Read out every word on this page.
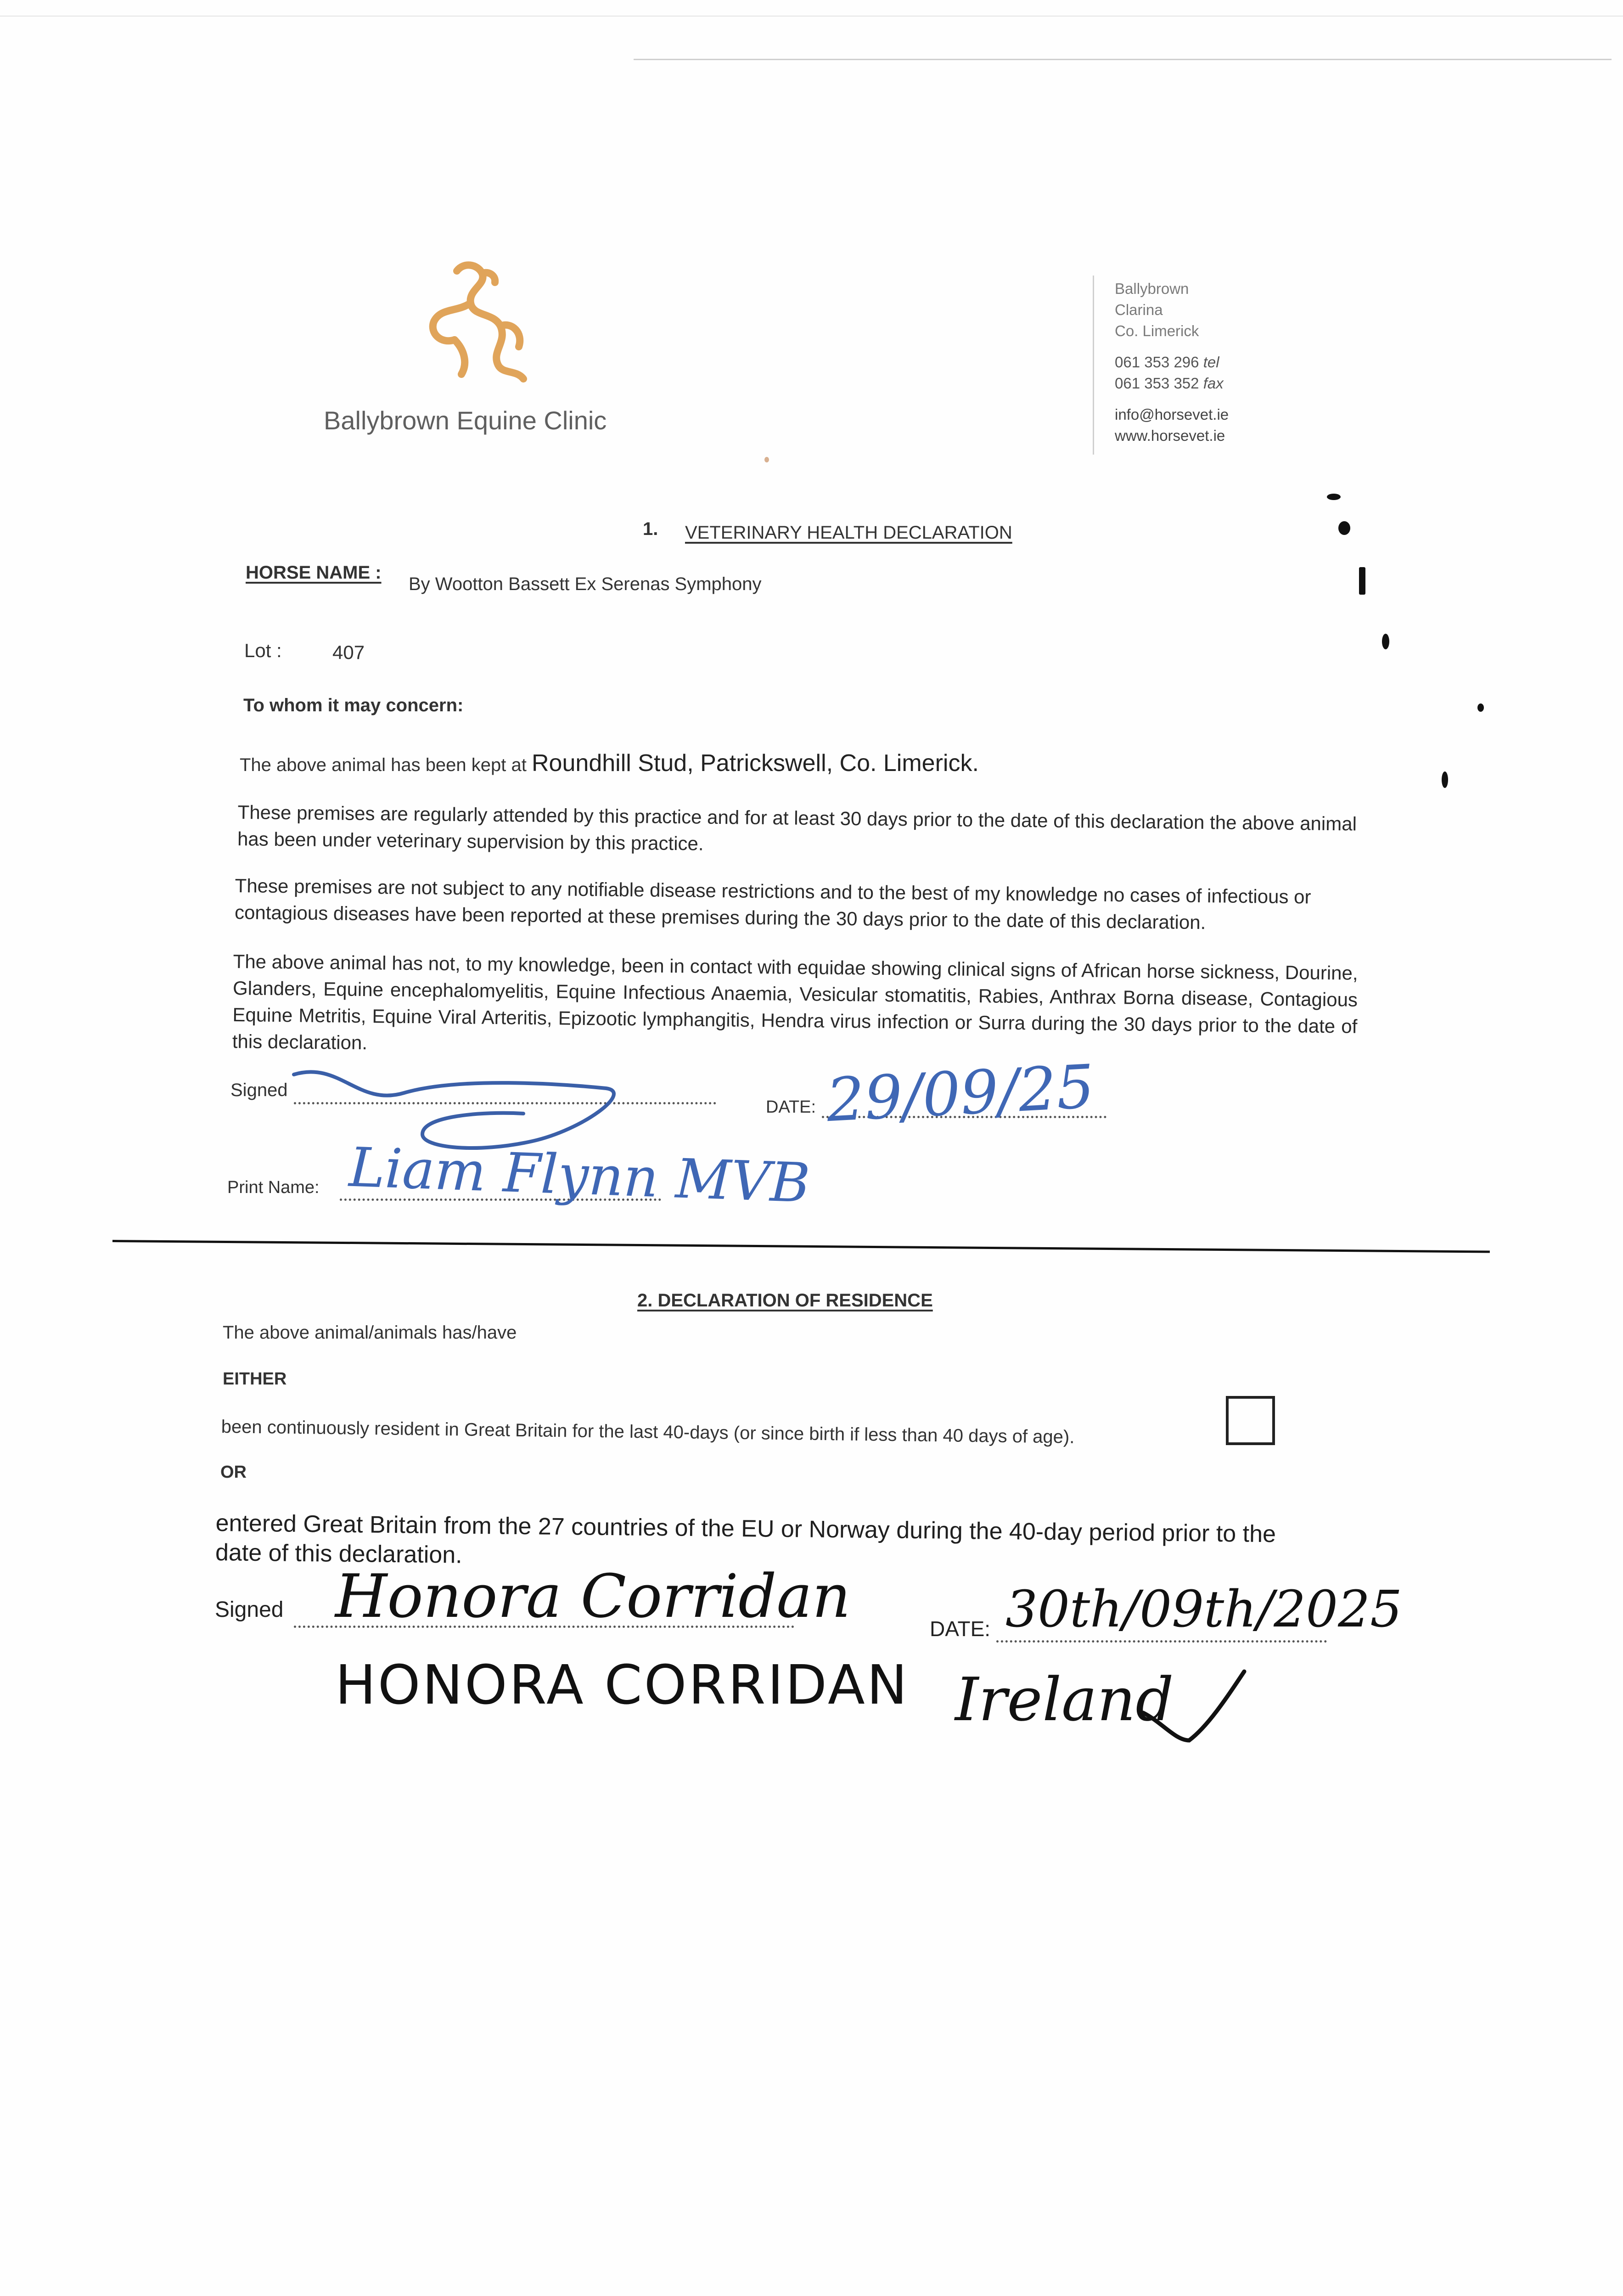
Ballybrown Equine Clinic
Ballybrown
Clarina
Co. Limerick
061 353 296 tel
061 353 352 fax
info@horsevet.ie
www.horsevet.ie
1. VETERINARY HEALTH DECLARATION
HORSE NAME :
By Wootton Bassett Ex Serenas Symphony
Lot :	407
To whom it may concern:
The above animal has been kept at Roundhill Stud, Patrickswell, Co. Limerick.
These premises are regularly attended by this practice and for at least 30 days prior to the date of this declaration the above animal has been under veterinary supervision by this practice.
These premises are not subject to any notifiable disease restrictions and to the best of my knowledge no cases of infectious or contagious diseases have been reported at these premises during the 30 days prior to the date of this declaration.
The above animal has not, to my knowledge, been in contact with equidae showing clinical signs of African horse sickness, Dourine, Glanders, Equine encephalomyelitis, Equine Infectious Anaemia, Vesicular stomatitis, Rabies, Anthrax Borna disease, Contagious Equine Metritis, Equine Viral Arteritis, Epizootic lymphangitis, Hendra virus infection or Surra during the 30 days prior to the date of this declaration.
Signed
DATE: 29/09/25
Print Name: Liam Flynn MVB
2. DECLARATION OF RESIDENCE
The above animal/animals has/have
EITHER
been continuously resident in Great Britain for the last 40-days (or since birth if less than 40 days of age).
OR
entered Great Britain from the 27 countries of the EU or Norway during the 40-day period prior to the date of this declaration.
Signed Honora Corridan
HONORA CORRIDAN
DATE: 30th/09th/2025
Ireland
